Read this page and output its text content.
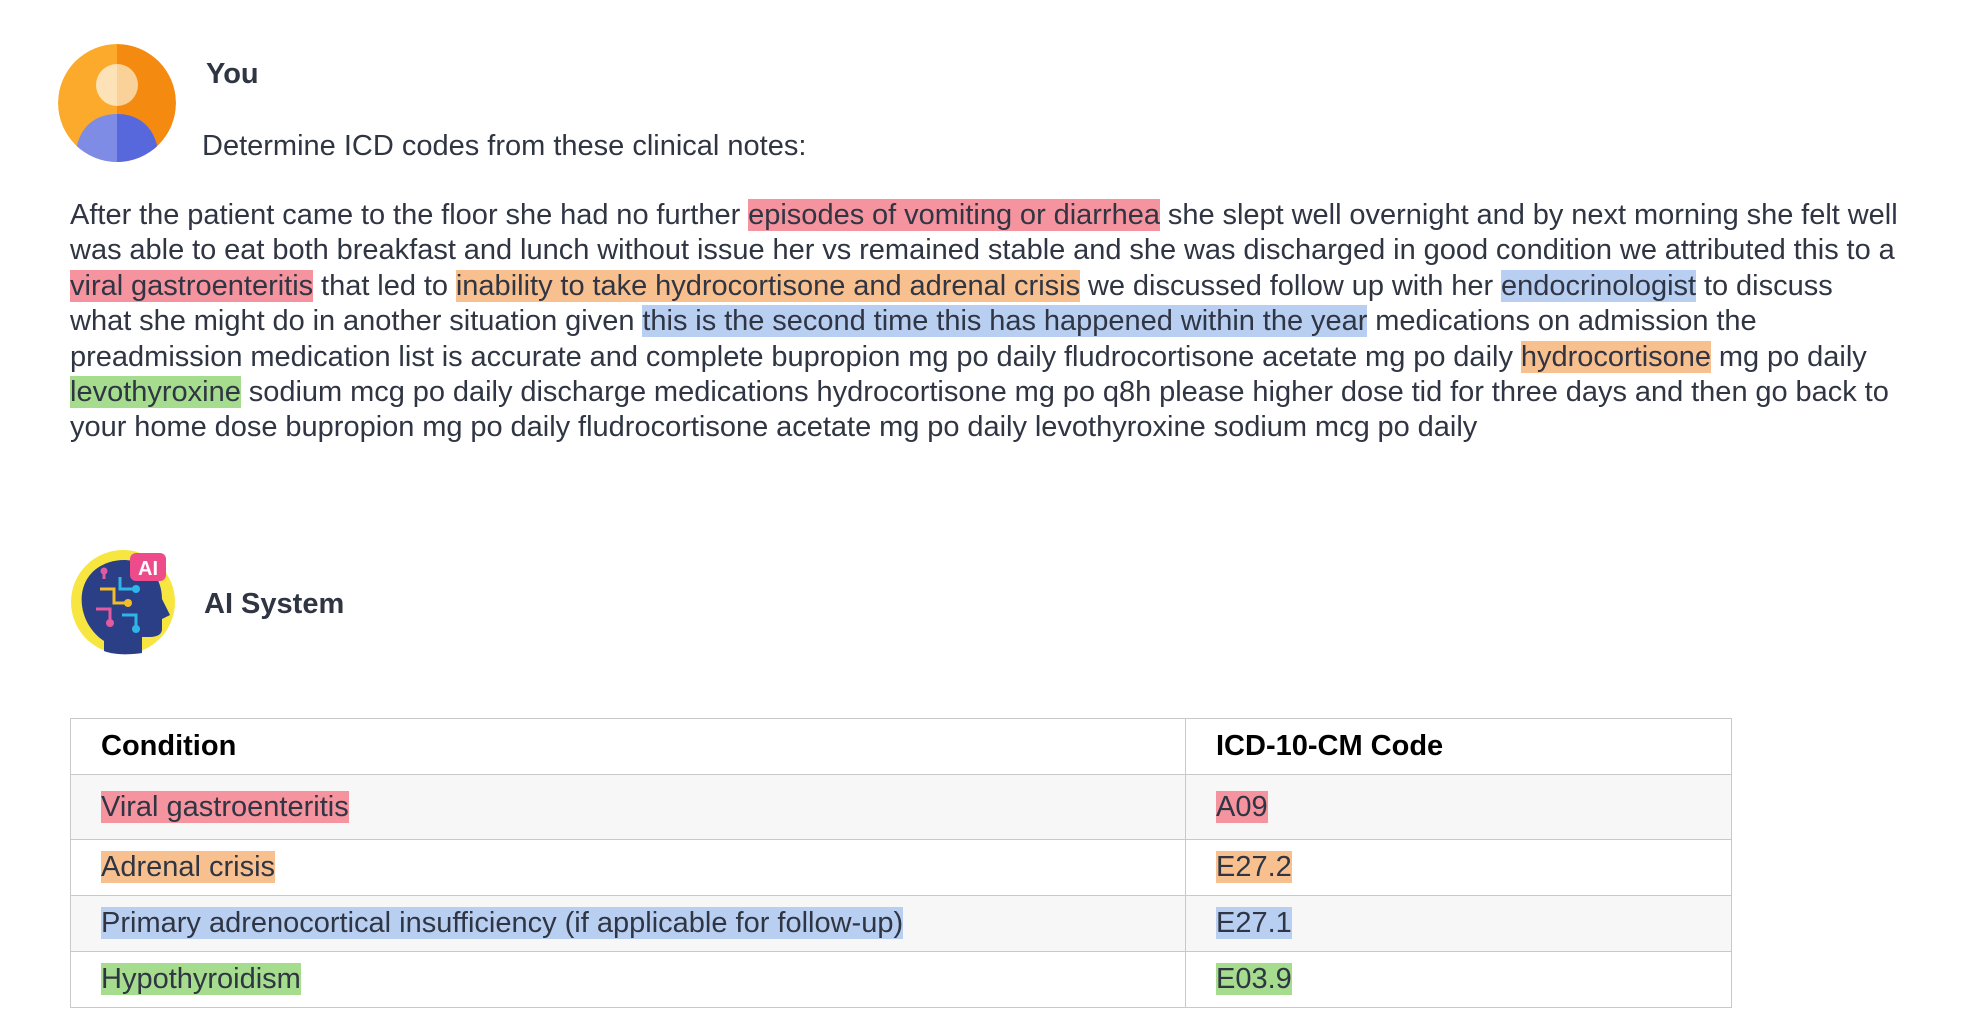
You
Determine ICD codes from these clinical notes:
After the patient came to the floor she had no further episodes of vomiting or diarrhea she slept well overnight and by next morning she felt well was able to eat both breakfast and lunch without issue her vs remained stable and she was discharged in good condition we attributed this to a viral gastroenteritis that led to inability to take hydrocortisone and adrenal crisis we discussed follow up with her endocrinologist to discuss what she might do in another situation given this is the second time this has happened within the year medications on admission the preadmission medication list is accurate and complete bupropion mg po daily fludrocortisone acetate mg po daily hydrocortisone mg po daily levothyroxine sodium mcg po daily discharge medications hydrocortisone mg po q8h please higher dose tid for three days and then go back to your home dose bupropion mg po daily fludrocortisone acetate mg po daily levothyroxine sodium mcg po daily
AI
AI System
Condition	ICD-10-CM Code
Viral gastroenteritis	A09
Adrenal crisis	E27.2
Primary adrenocortical insufficiency (if applicable for follow-up)	E27.1
Hypothyroidism	E03.9
